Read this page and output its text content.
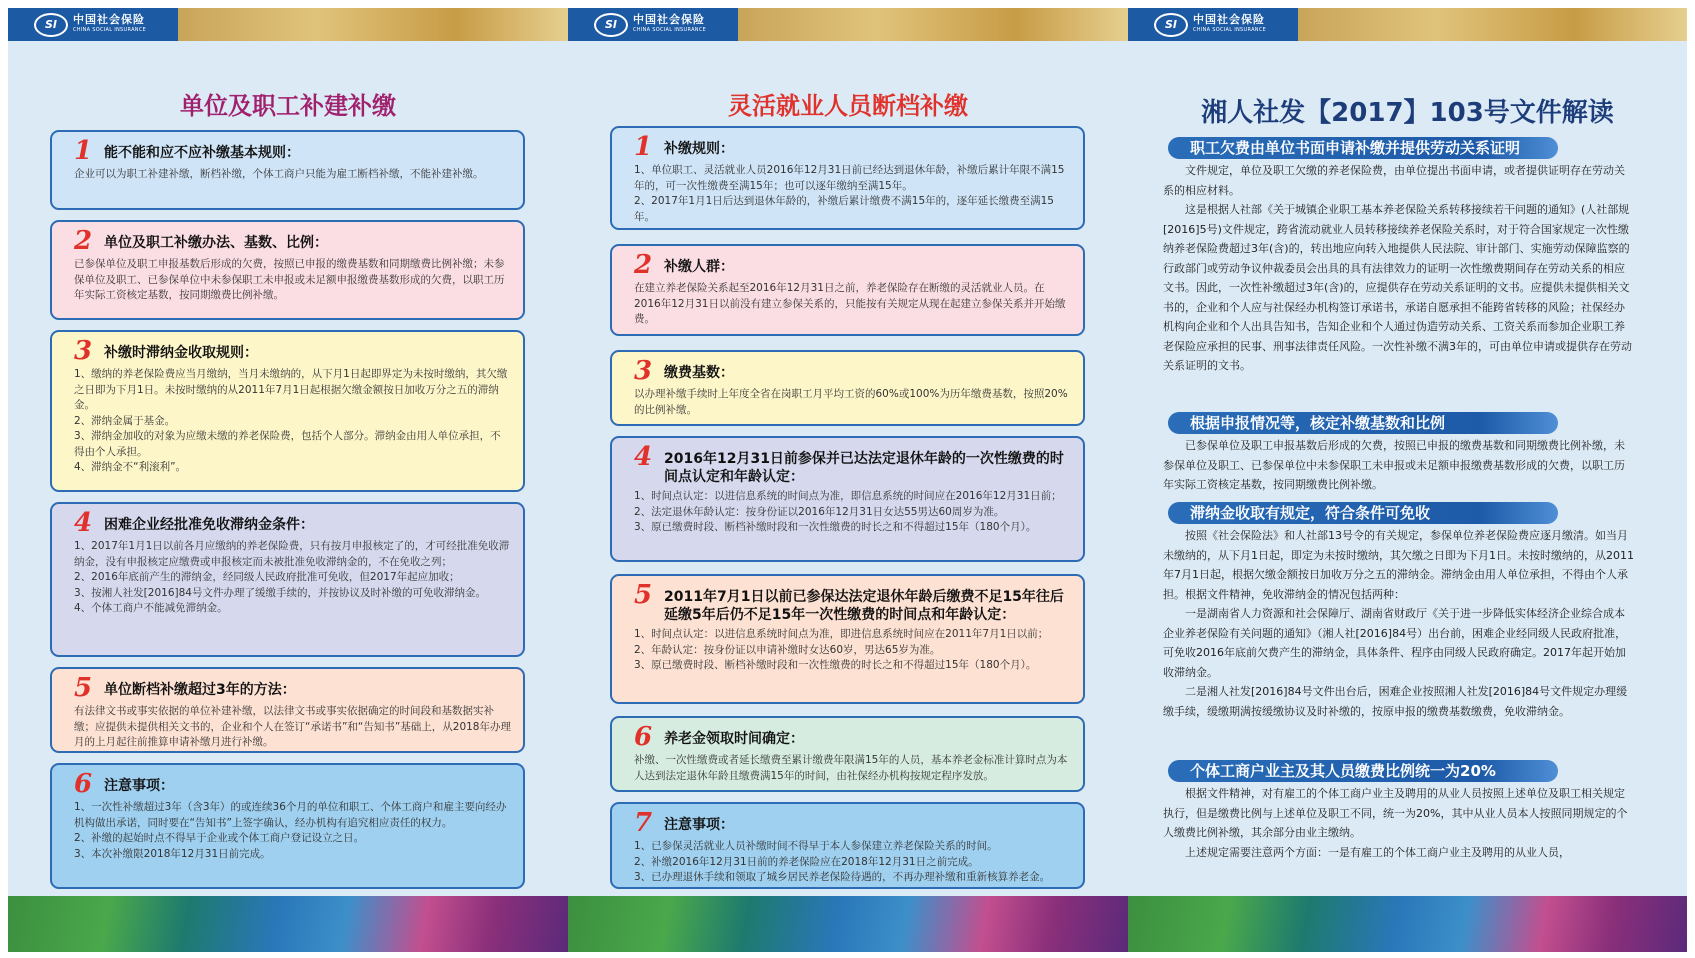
SI	中国社会保险
CHINA SOCIAL INSURANCE
单位及职工补建补缴
1 能不能和应不应补缴基本规则：
企业可以为职工补建补缴，断档补缴，个体工商户只能为雇工断档补缴，不能补建补缴。
2 单位及职工补缴办法、基数、比例：
已参保单位及职工申报基数后形成的欠费，按照已申报的缴费基数和同期缴费比例补缴；未参保单位及职工、已参保单位中未参保职工未申报或未足额申报缴费基数形成的欠费，以职工历年实际工资核定基数，按同期缴费比例补缴。
3 补缴时滞纳金收取规则：
1、缴纳的养老保险费应当月缴纳，当月未缴纳的，从下月1日起即界定为未按时缴纳，其欠缴之日即为下月1日。未按时缴纳的从2011年7月1日起根据欠缴金额按日加收万分之五的滞纳金。
2、滞纳金属于基金。
3、滞纳金加收的对象为应缴未缴的养老保险费，包括个人部分。滞纳金由用人单位承担，不得由个人承担。
4、滞纳金不“利滚利”。
4 困难企业经批准免收滞纳金条件：
1、2017年1月1日以前各月应缴纳的养老保险费，只有按月申报核定了的，才可经批准免收滞纳金，没有申报核定应缴费或申报核定而未被批准免收滞纳金的，不在免收之列；
2、2016年底前产生的滞纳金，经同级人民政府批准可免收，但2017年起应加收；
3、按湘人社发[2016]84号文件办理了缓缴手续的，并按协议及时补缴的可免收滞纳金。
4、个体工商户不能减免滞纳金。
5 单位断档补缴超过3年的方法：
有法律文书或事实依据的单位补建补缴，以法律文书或事实依据确定的时间段和基数据实补缴；应提供未提供相关文书的，企业和个人在签订“承诺书”和“告知书”基础上，从2018年办理月的上月起往前推算申请补缴月进行补缴。
6 注意事项：
1、一次性补缴超过3年（含3年）的或连续36个月的单位和职工、个体工商户和雇主要向经办机构做出承诺，同时要在“告知书”上签字确认，经办机构有追究相应责任的权力。
2、补缴的起始时点不得早于企业或个体工商户登记设立之日。
3、本次补缴限2018年12月31日前完成。
SI	中国社会保险
CHINA SOCIAL INSURANCE
灵活就业人员断档补缴
1 补缴规则：
1、单位职工、灵活就业人员2016年12月31日前已经达到退休年龄，补缴后累计年限不满15年的，可一次性缴费至满15年；也可以逐年缴纳至满15年。
2、2017年1月1日后达到退休年龄的，补缴后累计缴费不满15年的，逐年延长缴费至满15年。
2 补缴人群：
在建立养老保险关系起至2016年12月31日之前，养老保险存在断缴的灵活就业人员。在2016年12月31日以前没有建立参保关系的，只能按有关规定从现在起建立参保关系并开始缴费。
3 缴费基数：
以办理补缴手续时上年度全省在岗职工月平均工资的60%或100%为历年缴费基数，按照20%的比例补缴。
4 2016年12月31日前参保并已达法定退休年龄的一次性缴费的时间点认定和年龄认定：
1、时间点认定：以进信息系统的时间点为准，即信息系统的时间应在2016年12月31日前；
2、法定退休年龄认定：按身份证以2016年12月31日女达55男达60周岁为准。
3、原已缴费时段、断档补缴时段和一次性缴费的时长之和不得超过15年（180个月）。
5 2011年7月1日以前已参保达法定退休年龄后缴费不足15年往后延缴5年后仍不足15年一次性缴费的时间点和年龄认定：
1、时间点认定：以进信息系统时间点为准，即进信息系统时间应在2011年7月1日以前；
2、年龄认定：按身份证以申请补缴时女达60岁，男达65岁为准。
3、原已缴费时段、断档补缴时段和一次性缴费的时长之和不得超过15年（180个月）。
6 养老金领取时间确定：
补缴、一次性缴费或者延长缴费至累计缴费年限满15年的人员，基本养老金标准计算时点为本人达到法定退休年龄且缴费满15年的时间，由社保经办机构按规定程序发放。
7 注意事项：
1、已参保灵活就业人员补缴时间不得早于本人参保建立养老保险关系的时间。
2、补缴2016年12月31日前的养老保险应在2018年12月31日之前完成。
3、已办理退休手续和领取了城乡居民养老保险待遇的，不再办理补缴和重新核算养老金。
SI	中国社会保险
CHINA SOCIAL INSURANCE
湘人社发【2017】103号文件解读
职工欠费由单位书面申请补缴并提供劳动关系证明
文件规定，单位及职工欠缴的养老保险费，由单位提出书面申请，或者提供证明存在劳动关系的相应材料。
这是根据人社部《关于城镇企业职工基本养老保险关系转移接续若干问题的通知》(人社部规[2016]5号)文件规定，跨省流动就业人员转移接续养老保险关系时，对于符合国家规定一次性缴纳养老保险费超过3年(含)的，转出地应向转入地提供人民法院、审计部门、实施劳动保障监察的行政部门或劳动争议仲裁委员会出具的具有法律效力的证明一次性缴费期间存在劳动关系的相应文书。因此，一次性补缴超过3年(含)的，应提供存在劳动关系证明的文书。应提供未提供相关文书的，企业和个人应与社保经办机构签订承诺书，承诺自愿承担不能跨省转移的风险；社保经办机构向企业和个人出具告知书，告知企业和个人通过伪造劳动关系、工资关系而参加企业职工养老保险应承担的民事、刑事法律责任风险。一次性补缴不满3年的，可由单位申请或提供存在劳动关系证明的文书。
根据申报情况等，核定补缴基数和比例
已参保单位及职工申报基数后形成的欠费，按照已申报的缴费基数和同期缴费比例补缴，未参保单位及职工、已参保单位中未参保职工未申报或未足额申报缴费基数形成的欠费，以职工历年实际工资核定基数，按同期缴费比例补缴。
滞纳金收取有规定，符合条件可免收
按照《社会保险法》和人社部13号令的有关规定，参保单位养老保险费应逐月缴清。如当月未缴纳的，从下月1日起，即定为未按时缴纳，其欠缴之日即为下月1日。未按时缴纳的，从2011年7月1日起，根据欠缴金额按日加收万分之五的滞纳金。滞纳金由用人单位承担，不得由个人承担。根据文件精神，免收滞纳金的情况包括两种：
一是湖南省人力资源和社会保障厅、湖南省财政厅《关于进一步降低实体经济企业综合成本企业养老保险有关问题的通知》（湘人社[2016]84号）出台前，困难企业经同级人民政府批准，可免收2016年底前欠费产生的滞纳金，具体条件、程序由同级人民政府确定。2017年起开始加收滞纳金。
二是湘人社发[2016]84号文件出台后，困难企业按照湘人社发[2016]84号文件规定办理缓缴手续，缓缴期满按缓缴协议及时补缴的，按原申报的缴费基数缴费，免收滞纳金。
个体工商户业主及其人员缴费比例统一为20%
根据文件精神，对有雇工的个体工商户业主及聘用的从业人员按照上述单位及职工相关规定执行，但是缴费比例与上述单位及职工不同，统一为20%，其中从业人员本人按照同期规定的个人缴费比例补缴，其余部分由业主缴纳。
上述规定需要注意两个方面：一是有雇工的个体工商户业主及聘用的从业人员，
